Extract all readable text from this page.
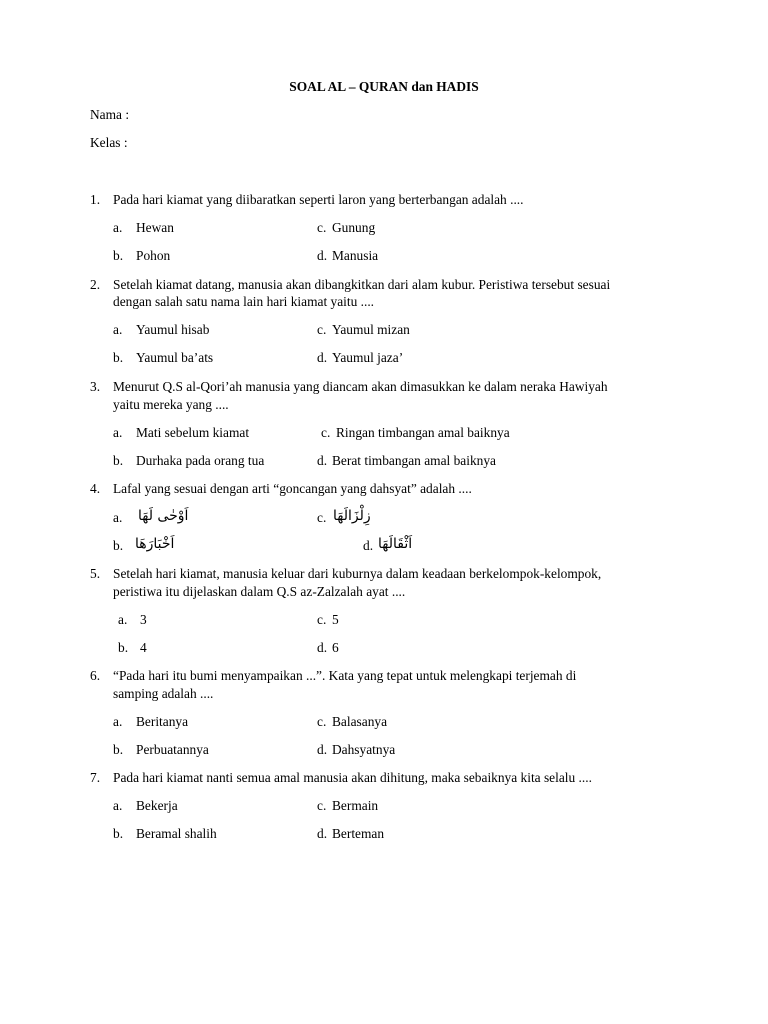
SOAL AL – QURAN dan HADIS
Nama :
Kelas :
1. Pada hari kiamat yang diibaratkan seperti laron yang berterbangan adalah ....
a. Hewan	c. Gunung
b. Pohon	d. Manusia
2. Setelah kiamat datang, manusia akan dibangkitkan dari alam kubur. Peristiwa tersebut sesuai
dengan salah satu nama lain hari kiamat yaitu ....
a. Yaumul hisab	c. Yaumul mizan
b. Yaumul ba’ats	d. Yaumul jaza’
3. Menurut Q.S al-Qori’ah manusia yang diancam akan dimasukkan ke dalam neraka Hawiyah
yaitu mereka yang ....
a. Mati sebelum kiamat	c. Ringan timbangan amal baiknya
b. Durhaka pada orang tua	d. Berat timbangan amal baiknya
4. Lafal yang sesuai dengan arti “goncangan yang dahsyat” adalah ....
a. اَوْحٰى لَهَا	c. زِلْزَالَهَا
b. اَخْبَارَهَا	d. اَثْقَالَهَا
5. Setelah hari kiamat, manusia keluar dari kuburnya dalam keadaan berkelompok-kelompok,
peristiwa itu dijelaskan dalam Q.S az-Zalzalah ayat ....
a. 3	c. 5
b. 4	d. 6
6. “Pada hari itu bumi menyampaikan ...”. Kata yang tepat untuk melengkapi terjemah di
samping adalah ....
a. Beritanya	c. Balasanya
b. Perbuatannya	d. Dahsyatnya
7. Pada hari kiamat nanti semua amal manusia akan dihitung, maka sebaiknya kita selalu ....
a. Bekerja	c. Bermain
b. Beramal shalih	d. Berteman
